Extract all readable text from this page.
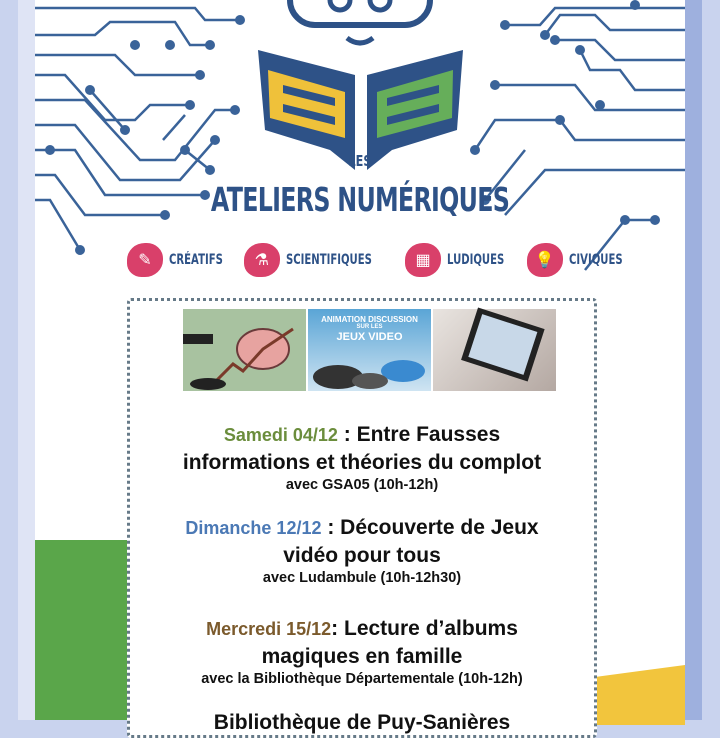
LES
ATELIERS NUMÉRIQUES
✎	CRÉATIFS	⚗	SCIENTIFIQUES	▦	LUDIQUES	💡	CIVIQUES
ANIMATION DISCUSSION
SUR LES
JEUX VIDEO
Samedi 04/12 : Entre Fausses
informations et théories du complot
avec GSA05 (10h-12h)
Dimanche 12/12 : Découverte de Jeux
vidéo pour tous
avec Ludambule (10h-12h30)
Mercredi 15/12: Lecture d’albums
magiques en famille
avec la Bibliothèque Départementale (10h-12h)
Bibliothèque de Puy-Sanières
